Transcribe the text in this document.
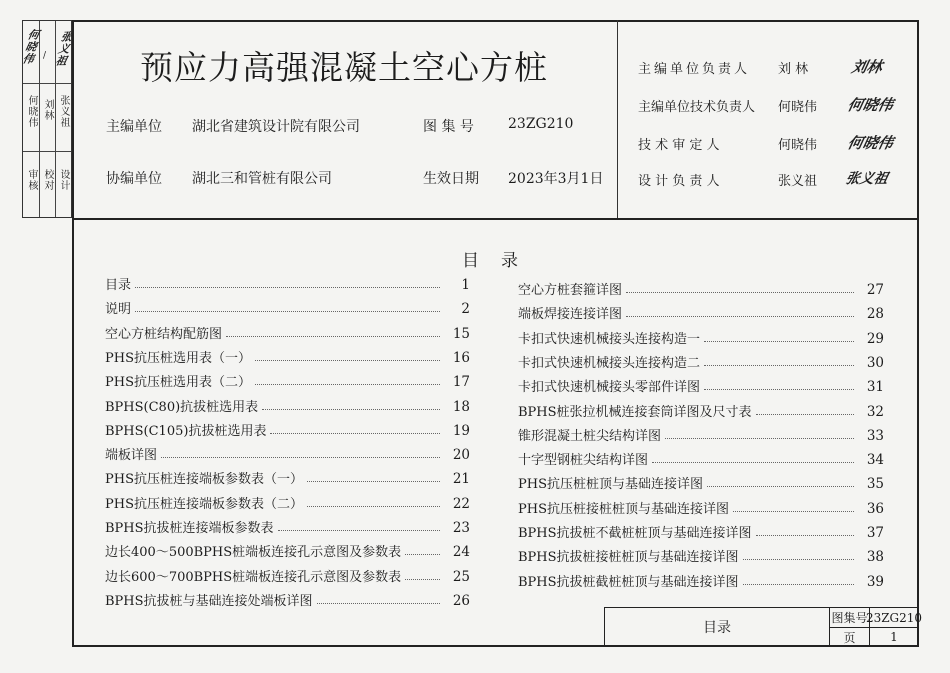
何晓伟 张义祖
/
何晓伟 刘林 张义祖
审核 校对 设计
预应力高强混凝土空心方桩
主编单位 湖北省建筑设计院有限公司	图 集 号 23ZG210
协编单位 湖北三和管桩有限公司	生效日期 2023年3月1日
主编单位负责人 刘 林	刘林
主编单位技术负责人 何晓伟 何晓伟
技 术 审 定 人	何晓伟 何晓伟
设 计 负 责 人	张义祖 张义祖
目录
目录	1
说明	2
空心方桩结构配筋图	15
PHS抗压桩选用表（一）	16
PHS抗压桩选用表（二）	17
BPHS(C80)抗拔桩选用表	18
BPHS(C105)抗拔桩选用表	19
端板详图	20
PHS抗压桩连接端板参数表（一）	21
PHS抗压桩连接端板参数表（二）	22
BPHS抗拔桩连接端板参数表	23
边长400～500BPHS桩端板连接孔示意图及参数表	24
边长600～700BPHS桩端板连接孔示意图及参数表	25
BPHS抗拔桩与基础连接处端板详图	26
空心方桩套箍详图	27
端板焊接连接详图	28
卡扣式快速机械接头连接构造一	29
卡扣式快速机械接头连接构造二	30
卡扣式快速机械接头零部件详图	31
BPHS桩张拉机械连接套筒详图及尺寸表	32
锥形混凝土桩尖结构详图	33
十字型钢桩尖结构详图	34
PHS抗压桩桩顶与基础连接详图	35
PHS抗压桩接桩桩顶与基础连接详图	36
BPHS抗拔桩不截桩桩顶与基础连接详图	37
BPHS抗拔桩接桩桩顶与基础连接详图	38
BPHS抗拔桩截桩桩顶与基础连接详图	39
目录
图集号
23ZG210
页	1
